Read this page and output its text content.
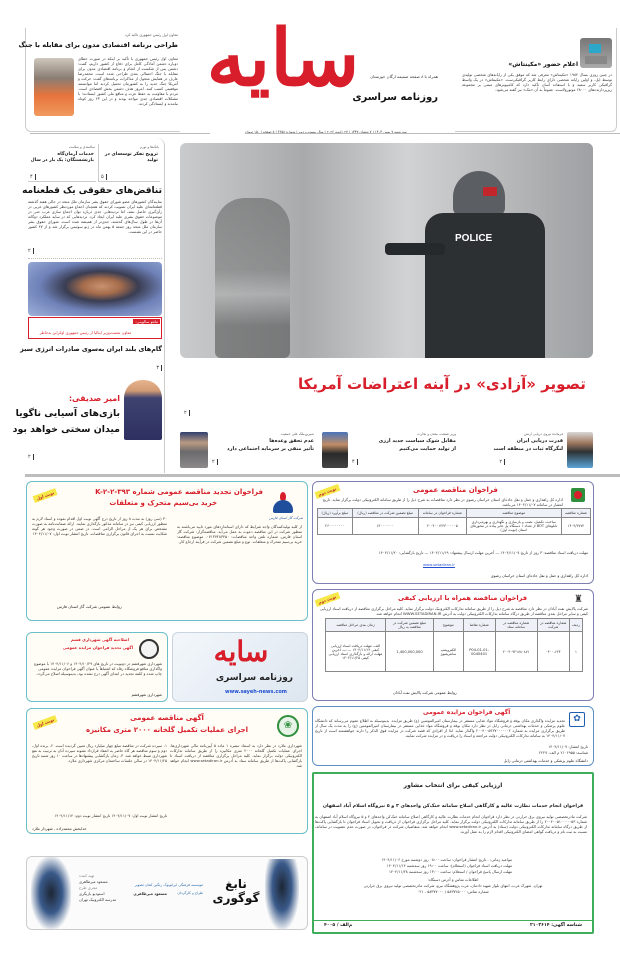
سایه
روزنامه سراسری
همراه با ۸ صفحه ضمیمه ارگان خوزستان
سه شنبه ۷ بهمن ۱۴۰۴ | ۷ شعبان ۱۴۴۷ | ۲۷ ژانویه ۲۰۲۶ | سال بیست و دوم | شماره ۳۶۵۸ | ۸ صفحه | ۱۵۰ تومان
اعلام حضور «مکینتاش»
در چنین روزی بسال ۱۹۸۴ «مکینتاش» معرفی شد که موفق یکی از رایانه‌های شخصی تولیدی توسط اپل، و اولین رایانه شخصی دارای رابط کاربر گرافیکی‌ست. «مکینتاش» در یک واسط گرافیکی کاربر سفید و با استفاده آسان تأکید دارد که کامپیوترهای مبتنی بر مجموعه ریزپردازنده‌های ۶۸۰۰۰ موتورولاست. عموماً به آن «مک» نیز گفته می‌شود.
معاون اول رئیس جمهوری تاکید کرد
طراحی برنامه اقتصادی مدون برای مقابله با جنگ
معاون اول رئیس جمهوری با تأکید بر اینکه در صورت خطای دوباره دشمن آمادگی کامل برای دفاع از کشور داریم، گفت: دشمن پس از شکست از انجام و برنامه اقتصادی مدون برای مقابله با جنگ احتمالی بعدی طراحی شده است. محمدرضا عارف در همایش متحول از مذاکرات برنامه‌های گفت: حرکت و آمریکا جنگ جدید را به کشورمان تحمیل کردند اما نتوانستند موفقیتی کسب کنند. امروز هدف دشمن بخش اقتصادی است. مردم با مقاومت به حفظ عزت و منافع ملی کشور ایستادند؛ با مشکلات اقتصادی جدی مواجه بودند و در این ۲۳ روز کوتاه نیامدند و ایستادگی کردند.
بانک‌ها و تورم
ترویج تفکر توسعه‌ای در تولید
۵
سالمندی و سلامت
خدمات آرمان‌گاه بازنشستگان: یک بار در سال
۴
تناقض‌های حقوقی یک قطعنامه
نمایندگان کشورهای عضو شورای حقوق بشر سازمان ملل متحد در حالی هفته گذشته قطعنامه‌ای علیه ایران تصویب کردند که همچنان اجماع موردنظر کشورهای غربی در رأی‌گیری حاصل نشد، اما تردیدهایی جدی درباره توان اجماع سازی غرب حتی در موضوعات حقوق بشری علیه ایران ایجاد کرد. تردیدهایی که در سایه عملکرد دوگانه آن‌ها در طول سال‌های گذشته، جدی‌تر از همیشه شده است. شورای حقوق بشر سازمان ملل متحد روز جمعه ۵ بهمن ماه در ژنو سوئیس برگزار شد و از ۴۷ کشور حاضر در این نشست.
۲
ماتئو سالوینی:
معاون نخست‌وزیر ایتالیا از رئیس جمهوری اوکراین به‌خاطر
گام‌های بلند ایران به‌سوی صادرات انرژی سبز
۳
امیر صدیقی:
بازی‌های آسیایی ناگویا
میدان سختی خواهد بود
۲
POLICE
تصویر «آزادی» در آینه اعتراضات آمریکا
۲
فرمانده نیروی دریایی ارتش
قدرت دریایی ایران
لنگرگاه ثبات در منطقه است
۲
وزیر صنعت، معدن و تجارت
مقابل شوک سیاست جدید ارزی
از تولید حمایت می‌کنیم
۴
شیرین‌ملک علی جمعیت
عدم تحقق وعده‌ها
تأثیر منفی بر سرمایه اجتماعی دارد
۲
نوبت اول
شرکت گاز استان فارس
فراخوان تجدید مناقصه عمومی شماره K-۲-۲-۳۹۳
خرید بی‌سیم متحرک و متعلقات
از کلیه تولیدکنندگان واجد شرایط که دارای استانداردهای مورد تایید می‌باشند به منظور شرکت در این مناقصه دعوت به عمل می‌آید. مناقصه‌گزار: شرکت گاز استان فارس. شماره تلفن واحد مناقصات: ۰۷۱۳۷۲۸۳۴۵۰. موضوع مناقصه: خرید بی‌سیم متحرک و متعلقات. نوع و مبلغ تضمین شرکت در فرآیند ارجاع کار.
۳۰ (سی روز) به مدت ۸ روز از تاریخ درج آگهی نوبت اول اقدام نموده و اسناد لازم به منظور ارزیابی کیفی نیز در سامانه مذکور بارگذاری نمایند. ارائه ضمانت‌نامه به صورت مشخص برای هر یک از مراحل الزامی است. در ضمن در صورت وجود هر گونه شکایت نسبت به اجرای قانون برگزاری مناقصات، تاریخ انتشار نوبت اول: ۱۴۰۴/۱۱/۰۷
روابط عمومی شرکت گاز استان فارس
نوبت دوم	فراخوان مناقصه عمومی
اداره کل راهداری و حمل و نقل جاده‌ای استان خراسان رضوی در نظر دارد مناقصات به شرح ذیل را از طریق سامانه الکترونیکی دولت برگزار نماید. تاریخ انتشار در سامانه ۱۴۰۴/۱۱/۰۷ می‌باشد.
شماره مناقصه	موضوع مناقصه	شماره فراخوان در سامانه	مبلغ تضمین شرکت در مناقصه (ریال)	مبلغ برآورد (ریال)
۱۴۰۴/۲۷۷۴	ساخت، تکمیل، نصب و بازسازی و نگهداری و بهره‌برداری تابلوهای BOT از تعداد ۱ دستگاه پل عابر پیاده در محورهای استان (نوبت اول)	۲۰۰۴۰۰۱۲۲۳۰۰۰۰۰۵	۱۳۰۰۰۰۰۰۰	۲۶۰۰۰۰۰۰۰۰
مهلت دریافت اسناد مناقصه: ۳ روز از تاریخ ۱۴۰۴/۱۱/۰۷ — آخرین مهلت ارسال پیشنهاد: ۱۴۰۴/۱۱/۱۹ — تاریخ بازگشایی: ۱۴۰۴/۱۱/۲۰
www.setadiran.ir
اداره کل راهداری و حمل و نقل جاده‌ای استان خراسان رضوی
نوبت دوم	♜
فراخوان مناقصه همراه با ارزیابی کیفی
شرکت پالایش نفت آبادان در نظر دارد مناقصه به شرح ذیل را از طریق سامانه تدارکات الکترونیک دولت برگزار نماید. کلیه مراحل برگزاری مناقصه از دریافت اسناد ارزیابی کیفی و سایر مراحل بعدی مناقصه از طریق درگاه سامانه تدارکات الکترونیکی دولت به آدرس WWW.SETADIRAN.IR انجام خواهد شد.
ردیف	شماره مناقصه در شرکت	شماره مناقصه در سامانه ستاد	شماره تقاضا	موضوع	مبلغ تضمین شرکت در مناقصه به ریال	زمان بندی مراحل مناقصه
۱	۰۴۰۰-۶۲۴	۲۰۰۴۰۹۲۱۷۸۰۸۷۱	P04-01-01-0040401	الکتروپمپ سانتریفیوژ	1,400,000,000	الف- مهلت دریافت اسناد ارزیابی کیفی ۱۴۰۴/۱۱/۱۴ — ب- آخرین مهلت ارائه و بارگذاری اسناد ارزیابی کیفی ۱۴۰۴/۱۱/۲۵
روابط عمومی شرکت پالایش نفت آبادان
✿
آگهی فراخوان مزایده عمومی
تجدید مزایده واگذاری مکان بوفه و فروشگاه مواد غذایی مستقر در بیمارستان امیرالمومنین (ع) طریق مزایده. بدینوسیله به اطلاع عموم می‌رساند که دانشگاه علوم پزشکی و خدمات بهداشتی درمانی زابل در نظر دارد مکان بوفه و فروشگاه مواد غذایی مستقر در بیمارستان امیرالمومنین (ع) را به مدت یک سال از طریق برگزاری مزایده به شماره ۲۰۰۴۰۰۵۴۳۷۰۰۰۰۰۰۲ واگذار نماید. لذا از افرادی که قصد شرکت در مزایده فوق الذکر را دارند خواهشمند است از تاریخ ۱۴۰۴/۱۱/۰۷ به سامانه تدارکات الکترونیکی دولت مراجعه و اسناد را دریافت و در مزایده شرکت نمایند.
تاریخ انتشار: ۱۴۰۴/۱۱/۰۷
شناسه: ۲۱۰۶۹۵۵ م الف: ۲۲۲۷
دانشگاه علوم پزشکی و خدمات بهداشتی درمانی زابل
ارزیابی کیفی برای انتخاب مشاور
فراخوان انجام خدمات نظارت عالیه و کارگاهی اصلاح سامانه خنک‌کن واحدهای ۴ و ۵ نیروگاه اسلام آباد اصفهان
شرکت مادرتخصصی تولید نیروی برق حرارتی در نظر دارد فراخوان انجام خدمات نظارت عالیه و کارگاهی اصلاح سامانه خنک‌کن واحدهای ۴ و ۵ نیروگاه اسلام آباد اصفهان به شماره ۲۰۰۴۰۰۵۱۰۰۰۰۰۵۳ را از طریق سامانه تدارکات الکترونیکی دولت برگزار نماید. کلیه مراحل برگزاری فراخوان از دریافت و تحویل اسناد فراخوان تا بازگشایی پاکت‌ها از طریق درگاه سامانه تدارکات الکترونیکی دولت (ستاد) به آدرس www.setadiran.ir انجام خواهد شد. متقاضیان شرکت در فراخوان، در صورت عدم عضویت در سامانه، نسبت به ثبت نام و دریافت گواهی امضای الکترونیکی اقدام لازم را به عمل آورند.
مواعید زمانی: - تاریخ انتشار فراخوان: ساعت ۰۸:۰۰ روز دوشنبه مورخ ۱۴۰۴/۱۱/۰۶
مهلت دریافت اسناد فراخوان (استعلام): ساعت ۱۹:۰۰ روز سه‌شنبه ۱۴۰۴/۱۱/۱۴
مهلت ارسال پاسخ فراخوان / استعلام: ساعت ۱۳:۰۰ روز سه‌شنبه ۱۴۰۴/۱۱/۲۸
اطلاعات تماس و آدرس دستگاه:
تهران، شهرک غرب، انتهای بلوار شهید دادمان، غرب پژوهشگاه نیرو، شرکت مادرتخصصی تولید نیروی برق حرارتی
شماره تماس: ۵۸۳۷۲۵۰۰۰ / ۵۸۳۷۷۰۰۰ - ۰۲۱
شناسه آگهی: ۲۱۰۳۶۱۴
م‌الف / ۴۰۰۵
سایه
روزنامه سراسری
www.sayeh-news.com
اصلاحیه آگهی شهرداری قشم
آگهی تجدید فراخوان مزایده عمومی
شهرداری شهرقشم در دونوبت در تاریخ های ۱۴۰۴/۱۰/۲۹ و ۱۴۰۴/۱۱/۰۶ با موضوع واگذاری منافع فروشگاه رفاه که اشتباهاً با عنوان آگهی فراخوان مزایده عمومی چاپ شده و کلمه تجدید در ابتدای آگهی درج نشده بود، بدینوسیله اصلاح می‌گردد.
شهرداری شهرقشم
نوبت اول	❀
آگهی مناقصه عمومی
اجرای عملیات تکمیل گلخانه ۲۰۰۰ متری مکانیزه
شهرداری ملارد در نظر دارد به استناد تبصره ۱ ماده ۵ آیین‌نامه مالی شهرداری‌ها، اجرای عملیات تکمیل گلخانه ۲۰۰۰ متری مکانیزه را از طریق سامانه تدارکات الکترونیکی دولت برگزار نماید. کلیه مراحل برگزاری مناقصه از دریافت اسناد تا بازگشایی پاکت‌ها از طریق سامانه ستاد به آدرس www.setadiran.ir انجام خواهد شد.
۱- سپرده شرکت در مناقصه مبلغ چهار میلیارد ریال تعیین گردیده است. ۲- برنده اول، دوم و سوم مناقصه هر گاه حاضر به انعقاد قرارداد نشوند سپرده آنان به ترتیب به نفع شهرداری ضبط خواهد شد. ۳- زمان بازگشایی پیشنهادها در ساعت ۱۰ روز شنبه تاریخ ۱۴۰۴/۱۱/۲۵ در سالن جلسات ساختمان مرکزی شهرداری ملارد.
تاریخ انتشار نوبت اول: ۱۴۰۴/۱۱/۰۷ تاریخ انتشار نوبت دوم: ۱۴۰۴/۱۱/۱۴
خدابخش محمدزاده - شهردار ملارد
نابغ گوگوری
موسسه فرهنگی ایرانوبوک رنگین کمان تصویر
طراح و کارگردان
مسعود میرطاهری
تهیه کننده
مسعود میرطاهری
مجری طرح
استودیو بازیگری
مدرسه الکترونیک تهران
